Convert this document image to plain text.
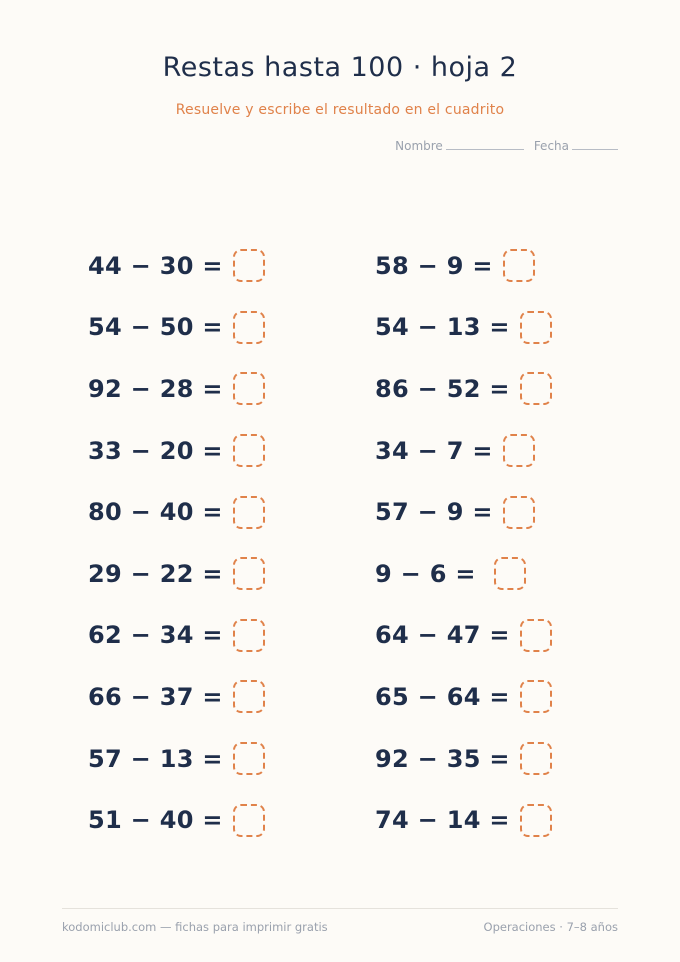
Restas hasta 100 · hoja 2

Resuelve y escribe el resultado en el cuadrito

Nombre	Fecha
44 − 30 =
54 − 50 =
92 − 28 =
33 − 20 =
80 − 40 =
29 − 22 =
62 − 34 =
66 − 37 =
57 − 13 =
51 − 40 =
58 − 9 =
54 − 13 =
86 − 52 =
34 − 7 =
57 − 9 =
9 − 6 =
64 − 47 =
65 − 64 =
92 − 35 =
74 − 14 =
kodomiclub.com — fichas para imprimir gratis	Operaciones · 7–8 años
